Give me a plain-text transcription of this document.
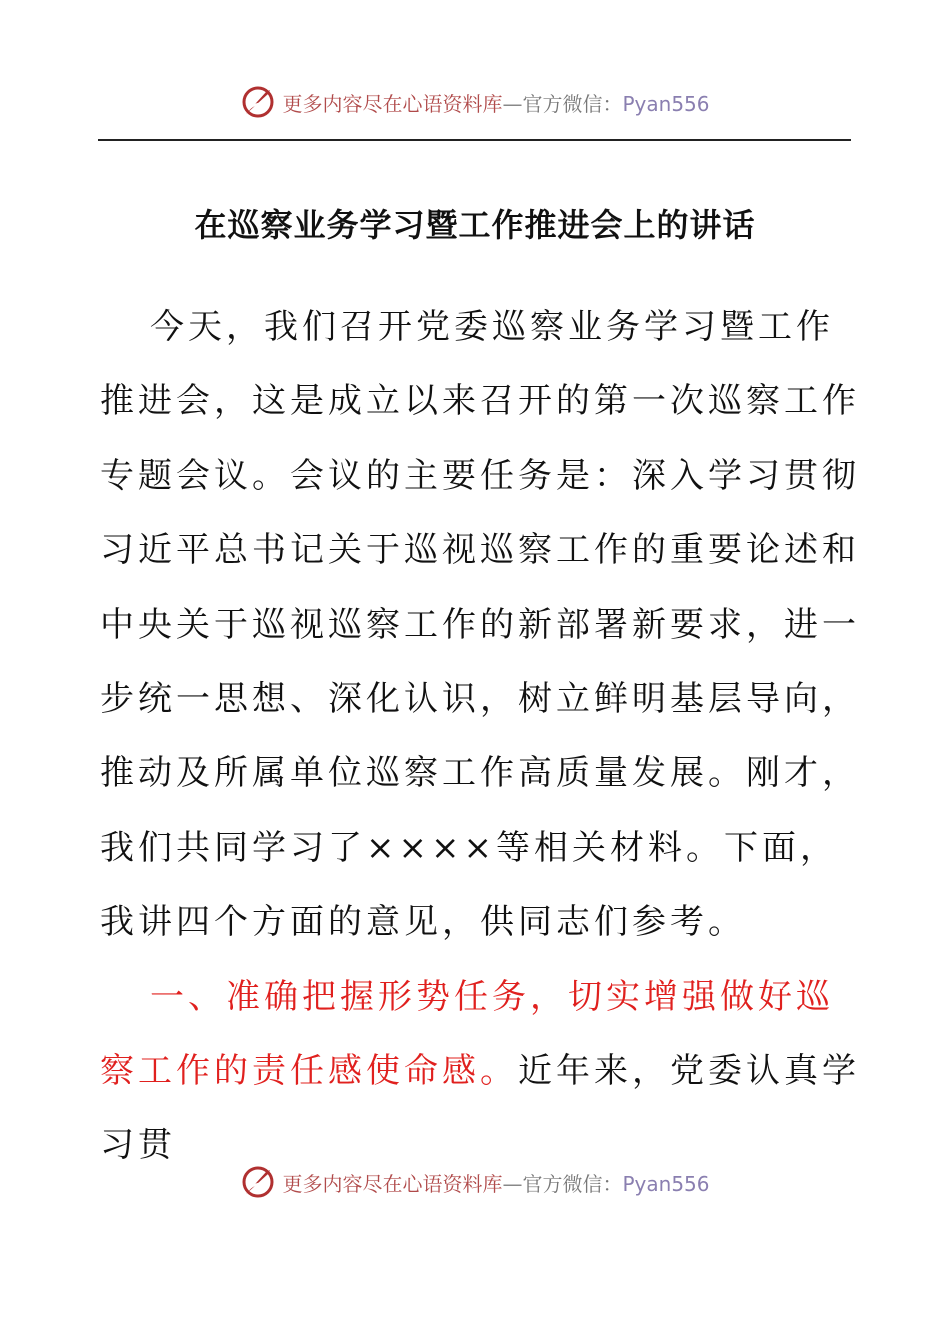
更多内容尽在心语资料库—官方微信：Pyan556
在巡察业务学习暨工作推进会上的讲话

今天，我们召开党委巡察业务学习暨工作推进会，这是成立以来召开的第一次巡察工作专题会议。会议的主要任务是：深入学习贯彻习近平总书记关于巡视巡察工作的重要论述和中央关于巡视巡察工作的新部署新要求，进一步统一思想、深化认识，树立鲜明基层导向，推动及所属单位巡察工作高质量发展。刚才，我们共同学习了××××等相关材料。下面，我讲四个方面的意见，供同志们参考。

一、准确把握形势任务，切实增强做好巡察工作的责任感使命感。近年来，党委认真学习贯

更多内容尽在心语资料库—官方微信：Pyan556
